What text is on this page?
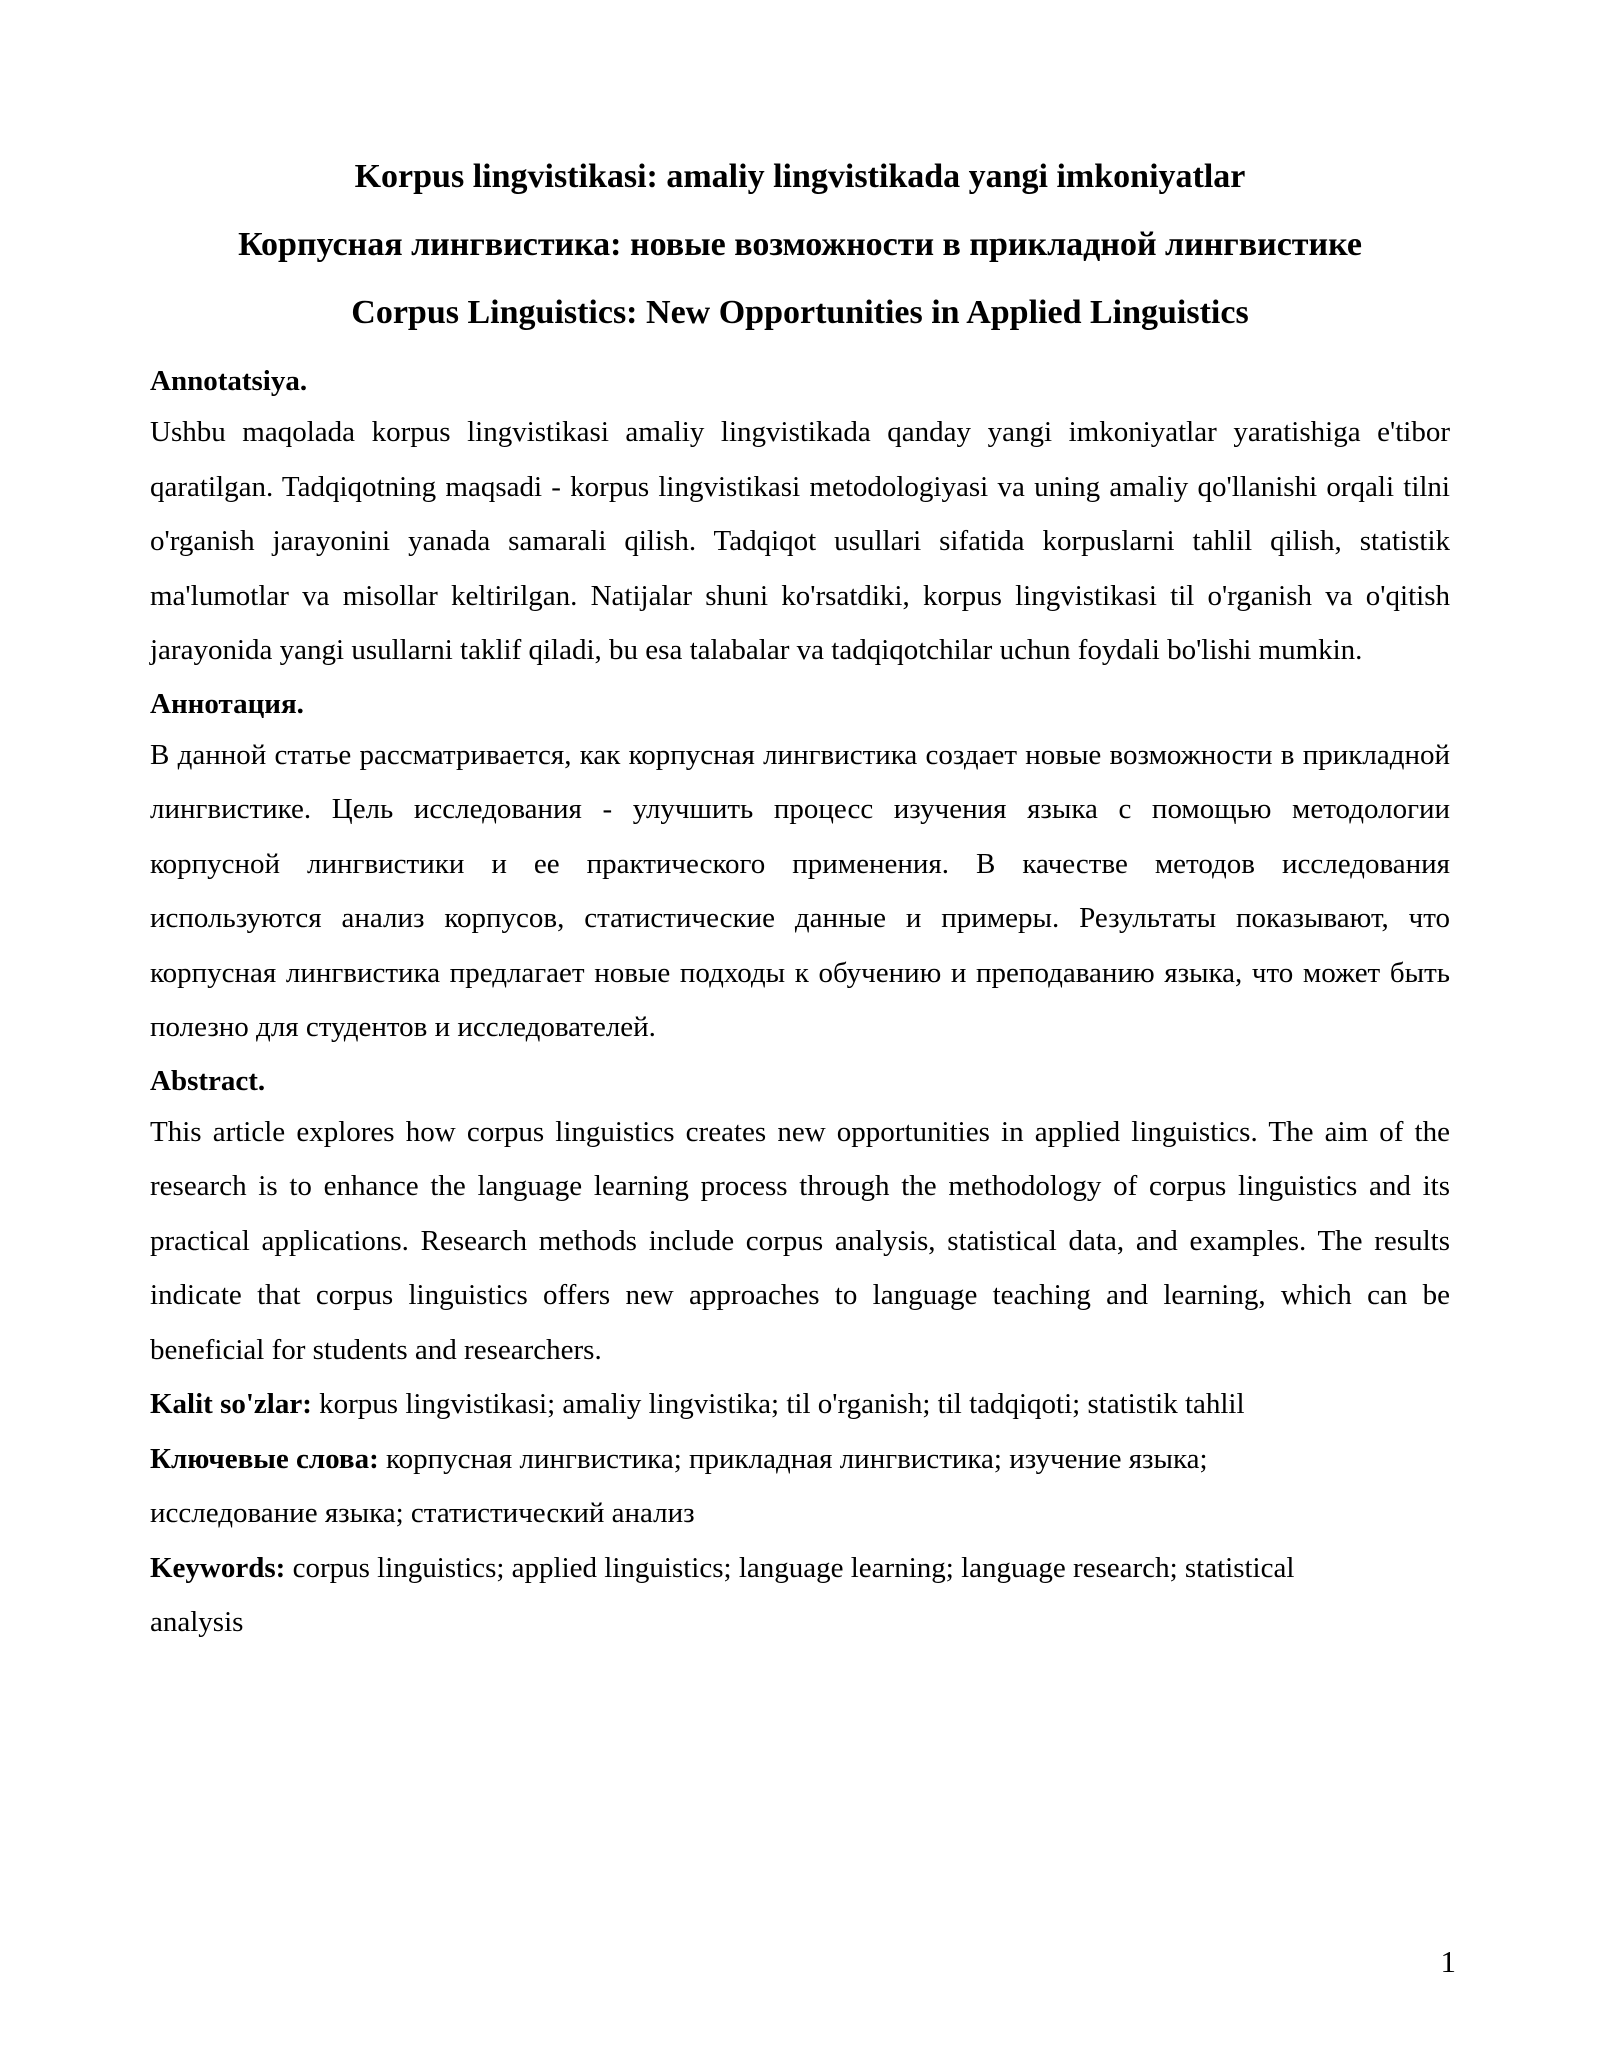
Korpus lingvistikasi: amaliy lingvistikada yangi imkoniyatlar
Корпусная лингвистика: новые возможности в прикладной лингвистике
Corpus Linguistics: New Opportunities in Applied Linguistics

Annotatsiya.

Ushbu maqolada korpus lingvistikasi amaliy lingvistikada qanday yangi imkoniyatlar yaratishiga e'tibor qaratilgan. Tadqiqotning maqsadi - korpus lingvistikasi metodologiyasi va uning amaliy qo'llanishi orqali tilni o'rganish jarayonini yanada samarali qilish. Tadqiqot usullari sifatida korpuslarni tahlil qilish, statistik ma'lumotlar va misollar keltirilgan. Natijalar shuni ko'rsatdiki, korpus lingvistikasi til o'rganish va o'qitish jarayonida yangi usullarni taklif qiladi, bu esa talabalar va tadqiqotchilar uchun foydali bo'lishi mumkin.

Аннотация.

В данной статье рассматривается, как корпусная лингвистика создает новые возможности в прикладной лингвистике. Цель исследования - улучшить процесс изучения языка с помощью методологии корпусной лингвистики и ее практического применения. В качестве методов исследования используются анализ корпусов, статистические данные и примеры. Результаты показывают, что корпусная лингвистика предлагает новые подходы к обучению и преподаванию языка, что может быть полезно для студентов и исследователей.

Abstract.

This article explores how corpus linguistics creates new opportunities in applied linguistics. The aim of the research is to enhance the language learning process through the methodology of corpus linguistics and its practical applications. Research methods include corpus analysis, statistical data, and examples. The results indicate that corpus linguistics offers new approaches to language teaching and learning, which can be beneficial for students and researchers.

Kalit so'zlar: korpus lingvistikasi; amaliy lingvistika; til o'rganish; til tadqiqoti; statistik tahlil

Ключевые слова: корпусная лингвистика; прикладная лингвистика; изучение языка;
исследование языка; статистический анализ

Keywords: corpus linguistics; applied linguistics; language learning; language research; statistical
analysis

1
